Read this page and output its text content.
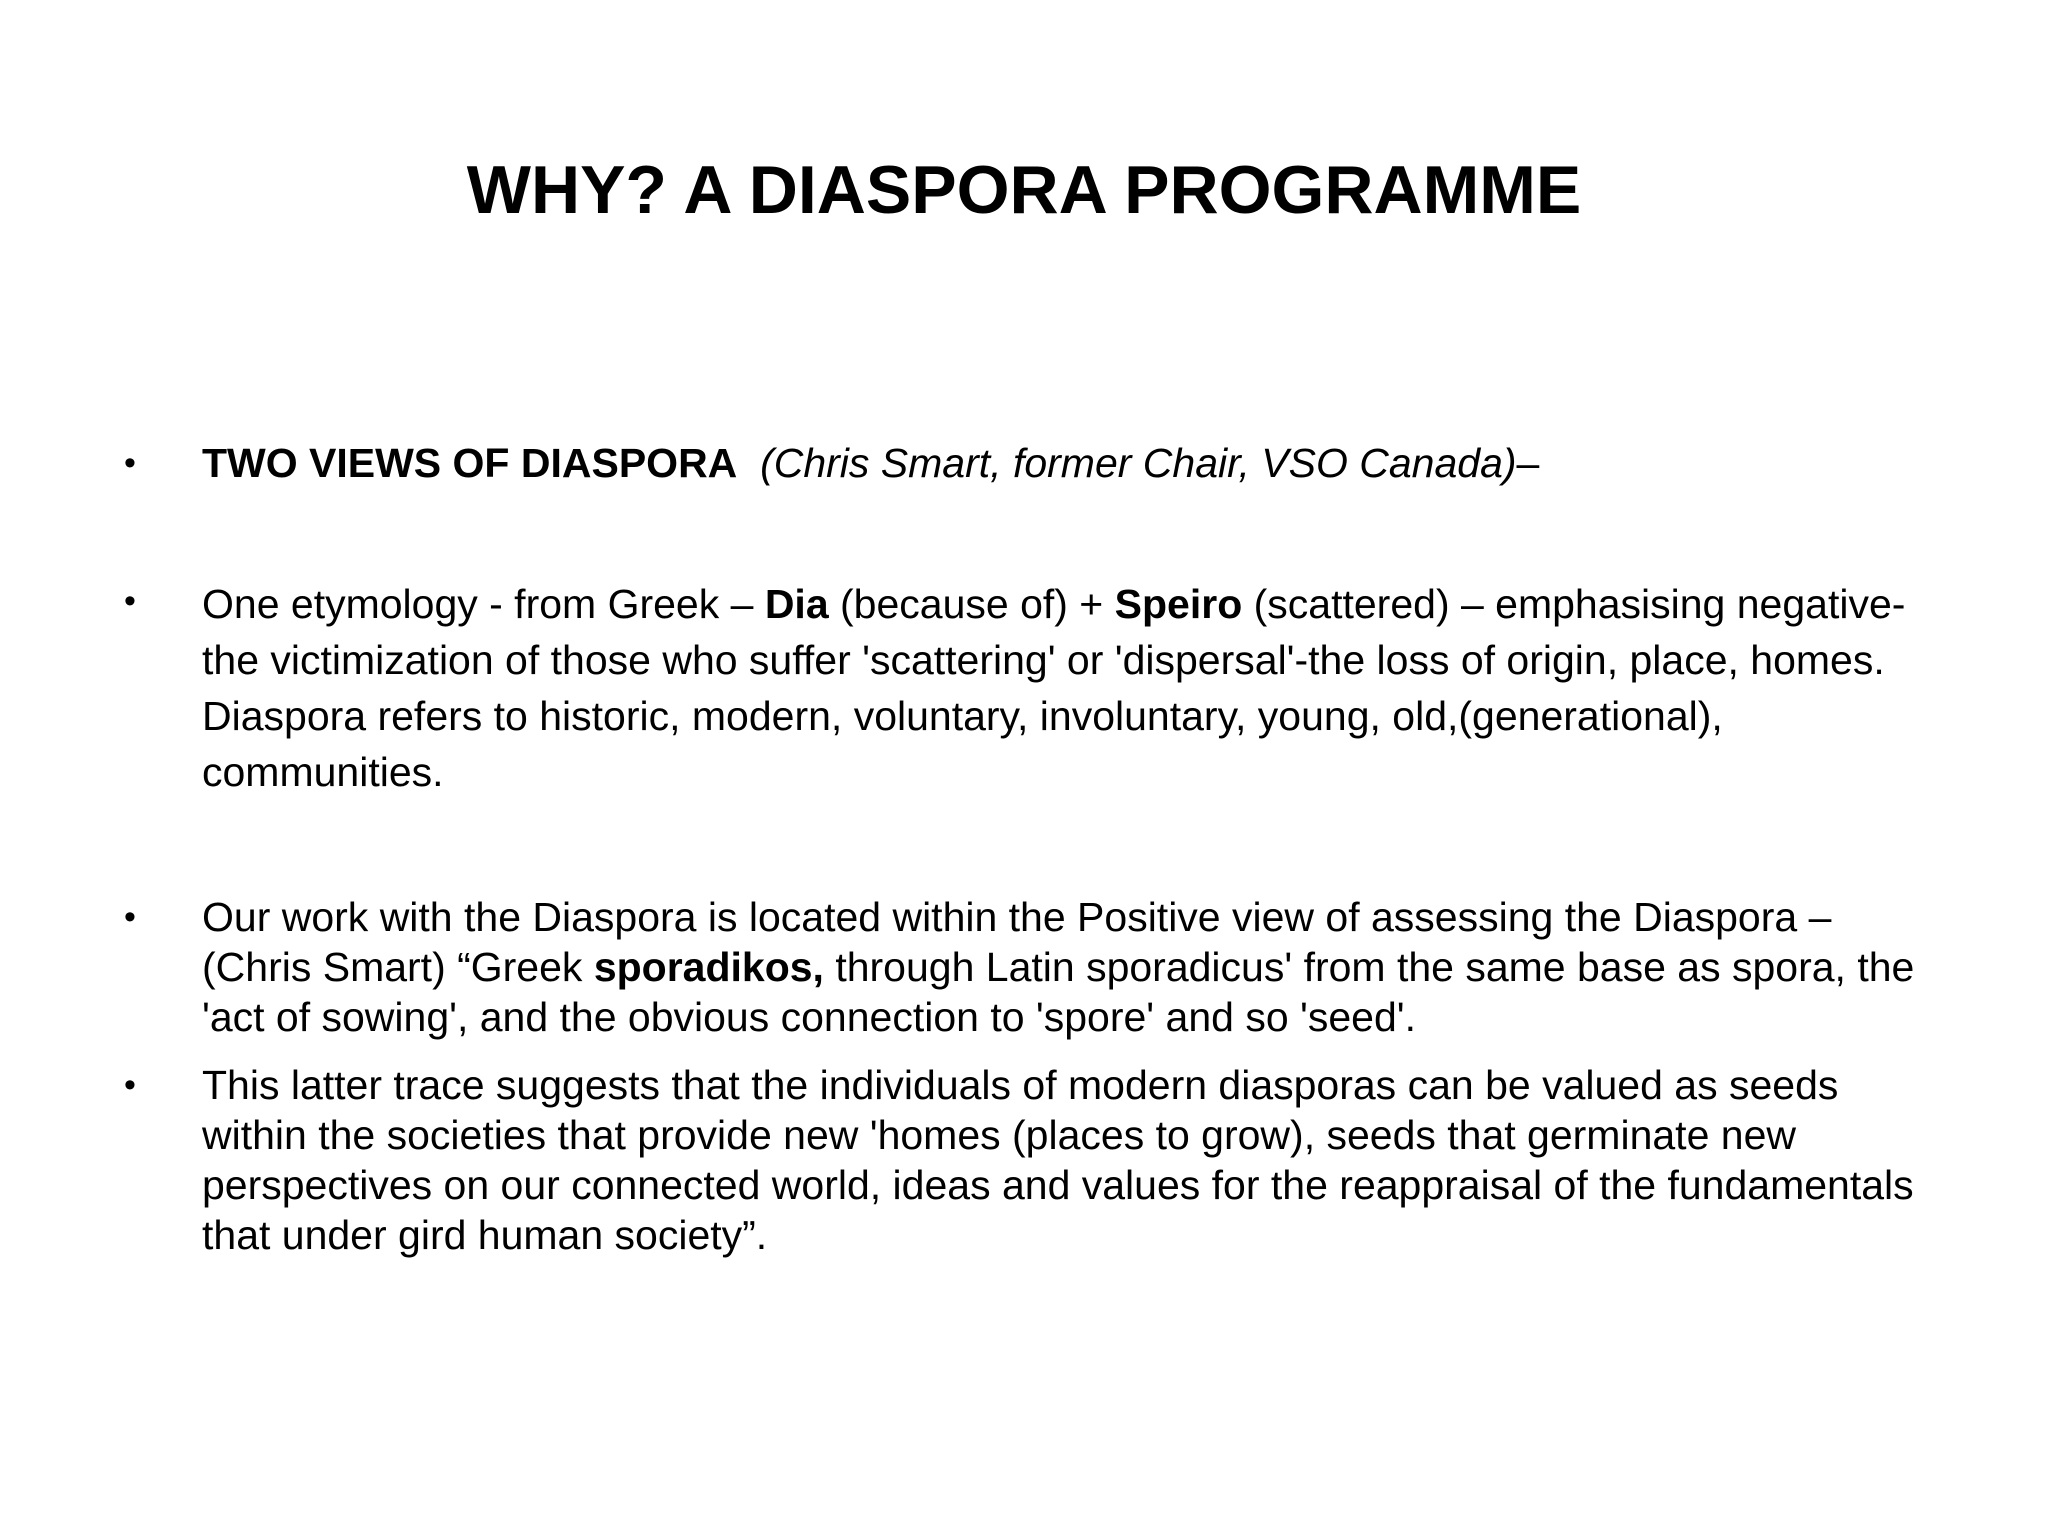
WHY? A DIASPORA PROGRAMME
• TWO VIEWS OF DIASPORA (Chris Smart, former Chair, VSO Canada)–
• One etymology - from Greek – Dia (because of) + Speiro (scattered) – emphasising negative-the victimization of those who suffer 'scattering' or 'dispersal'-the loss of origin, place, homes. Diaspora refers to historic, modern, voluntary, involuntary, young, old,(generational), communities.
• Our work with the Diaspora is located within the Positive view of assessing the Diaspora – (Chris Smart) “Greek sporadikos, through Latin sporadicus' from the same base as spora, the 'act of sowing', and the obvious connection to 'spore' and so 'seed'.
• This latter trace suggests that the individuals of modern diasporas can be valued as seeds within the societies that provide new 'homes (places to grow), seeds that germinate new perspectives on our connected world, ideas and values for the reappraisal of the fundamentals that under gird human society”.
